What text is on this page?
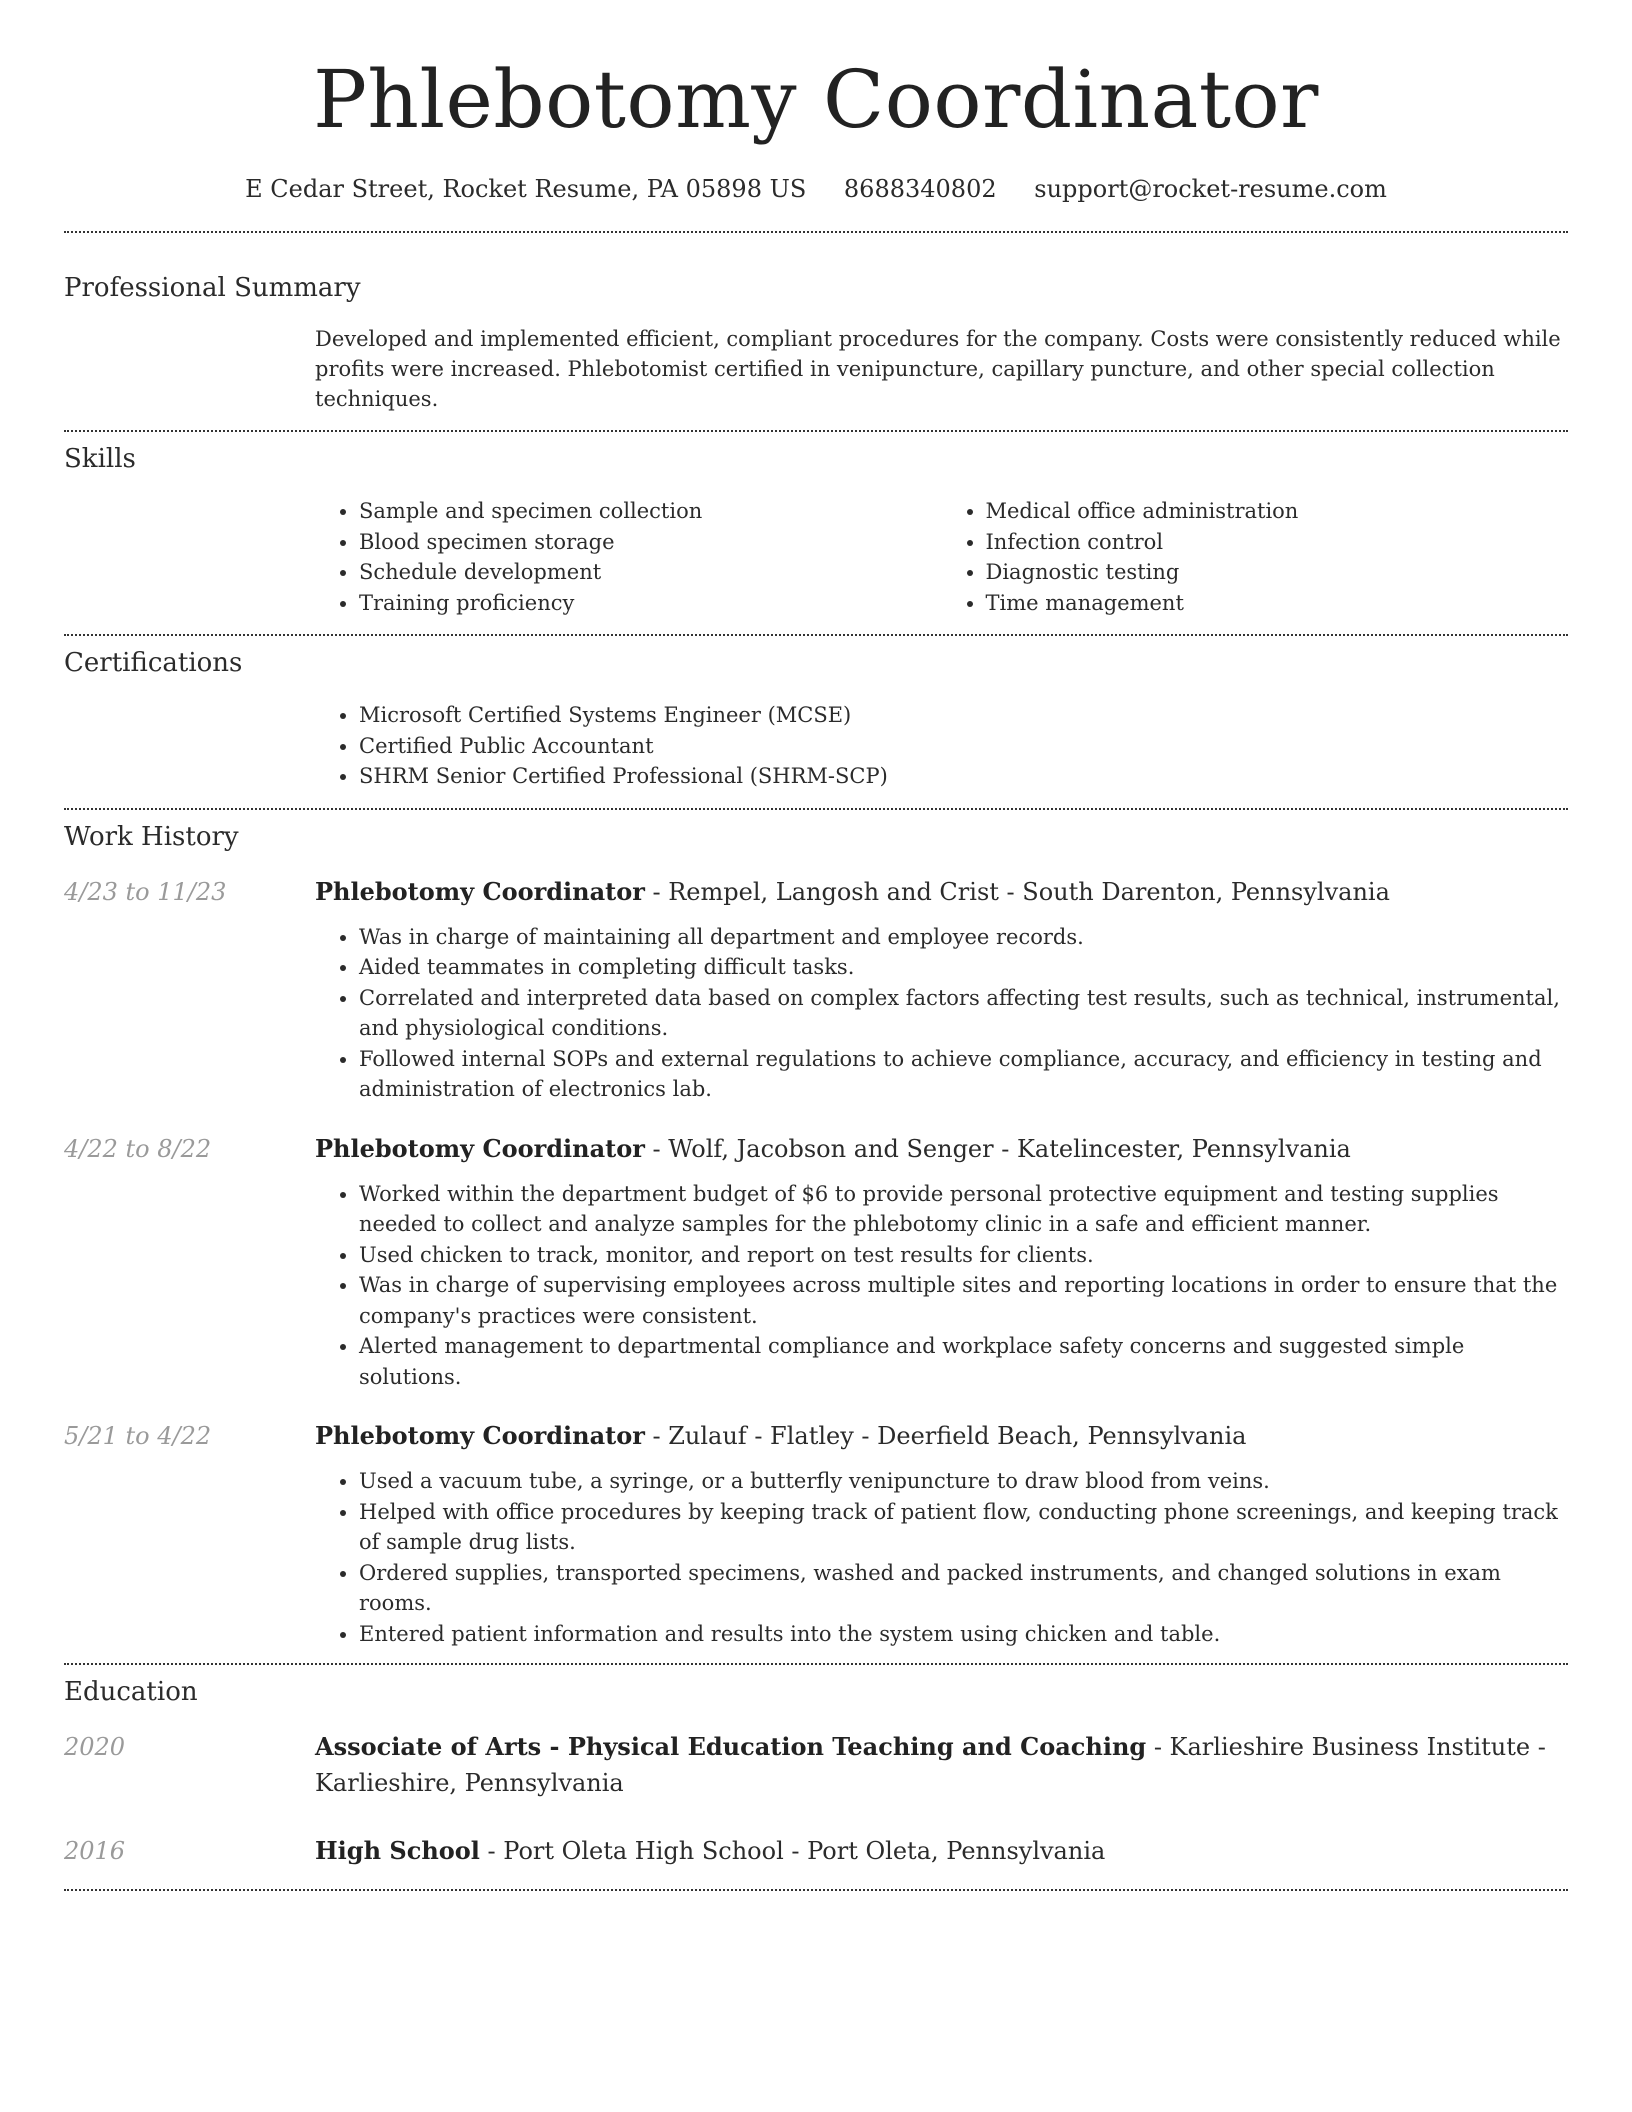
Phlebotomy Coordinator
E Cedar Street, Rocket Resume, PA 05898 US 8688340802 support@rocket-resume.com
Professional Summary

Developed and implemented efficient, compliant procedures for the company. Costs were consistently reduced while profits were increased. Phlebotomist certified in venipuncture, capillary puncture, and other special collection techniques.

Skills
• Sample and specimen collection
• Blood specimen storage
• Schedule development
• Training proficiency
• Medical office administration
• Infection control
• Diagnostic testing
• Time management
Certifications
• Microsoft Certified Systems Engineer (MCSE)
• Certified Public Accountant
• SHRM Senior Certified Professional (SHRM-SCP)
Work History
4/23 to 11/23	Phlebotomy Coordinator - Rempel, Langosh and Crist - South Darenton, Pennsylvania

• Was in charge of maintaining all department and employee records.
• Aided teammates in completing difficult tasks.
• Correlated and interpreted data based on complex factors affecting test results, such as technical, instrumental, and physiological conditions.
• Followed internal SOPs and external regulations to achieve compliance, accuracy, and efficiency in testing and administration of electronics lab.
4/22 to 8/22	Phlebotomy Coordinator - Wolf, Jacobson and Senger - Katelincester, Pennsylvania

• Worked within the department budget of $6 to provide personal protective equipment and testing supplies needed to collect and analyze samples for the phlebotomy clinic in a safe and efficient manner.
• Used chicken to track, monitor, and report on test results for clients.
• Was in charge of supervising employees across multiple sites and reporting locations in order to ensure that the company's practices were consistent.
• Alerted management to departmental compliance and workplace safety concerns and suggested simple solutions.
5/21 to 4/22	Phlebotomy Coordinator - Zulauf - Flatley - Deerfield Beach, Pennsylvania

• Used a vacuum tube, a syringe, or a butterfly venipuncture to draw blood from veins.
• Helped with office procedures by keeping track of patient flow, conducting phone screenings, and keeping track of sample drug lists.
• Ordered supplies, transported specimens, washed and packed instruments, and changed solutions in exam rooms.
• Entered patient information and results into the system using chicken and table.
Education
2020	Associate of Arts - Physical Education Teaching and Coaching - Karlieshire Business Institute - Karlieshire, Pennsylvania

2016	High School - Port Oleta High School - Port Oleta, Pennsylvania
